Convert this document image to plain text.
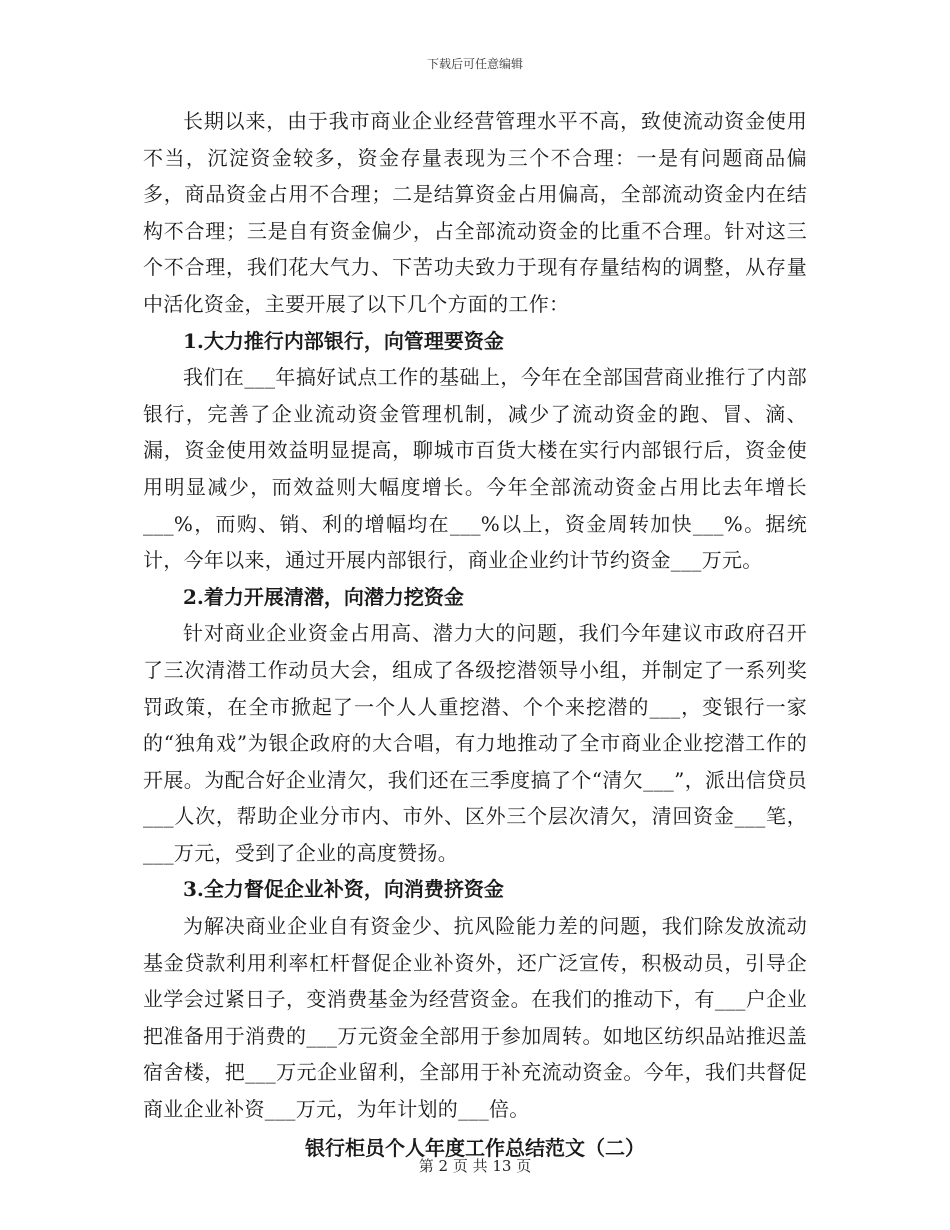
下载后可任意编辑

长期以来，由于我市商业企业经营管理水平不高，致使流动资金使用不当，沉淀资金较多，资金存量表现为三个不合理：一是有问题商品偏多，商品资金占用不合理；二是结算资金占用偏高，全部流动资金内在结构不合理；三是自有资金偏少，占全部流动资金的比重不合理。针对这三个不合理，我们花大气力、下苦功夫致力于现有存量结构的调整，从存量中活化资金，主要开展了以下几个方面的工作：

1.大力推行内部银行，向管理要资金

我们在___年搞好试点工作的基础上，今年在全部国营商业推行了内部银行，完善了企业流动资金管理机制，减少了流动资金的跑、冒、滴、漏，资金使用效益明显提高，聊城市百货大楼在实行内部银行后，资金使用明显减少，而效益则大幅度增长。今年全部流动资金占用比去年增长___%，而购、销、利的增幅均在___%以上，资金周转加快___%。据统计，今年以来，通过开展内部银行，商业企业约计节约资金___万元。

2.着力开展清潜，向潜力挖资金

针对商业企业资金占用高、潜力大的问题，我们今年建议市政府召开了三次清潜工作动员大会，组成了各级挖潜领导小组，并制定了一系列奖罚政策，在全市掀起了一个人人重挖潜、个个来挖潜的___，变银行一家的“独角戏”为银企政府的大合唱，有力地推动了全市商业企业挖潜工作的开展。为配合好企业清欠，我们还在三季度搞了个“清欠___”，派出信贷员___人次，帮助企业分市内、市外、区外三个层次清欠，清回资金___笔，___万元，受到了企业的高度赞扬。

3.全力督促企业补资，向消费挤资金

为解决商业企业自有资金少、抗风险能力差的问题，我们除发放流动基金贷款利用利率杠杆督促企业补资外，还广泛宣传，积极动员，引导企业学会过紧日子，变消费基金为经营资金。在我们的推动下，有___户企业把准备用于消费的___万元资金全部用于参加周转。如地区纺织品站推迟盖宿舍楼，把___万元企业留利，全部用于补充流动资金。今年，我们共督促商业企业补资___万元，为年计划的___倍。

银行柜员个人年度工作总结范文（二）

第 2 页 共 13 页
